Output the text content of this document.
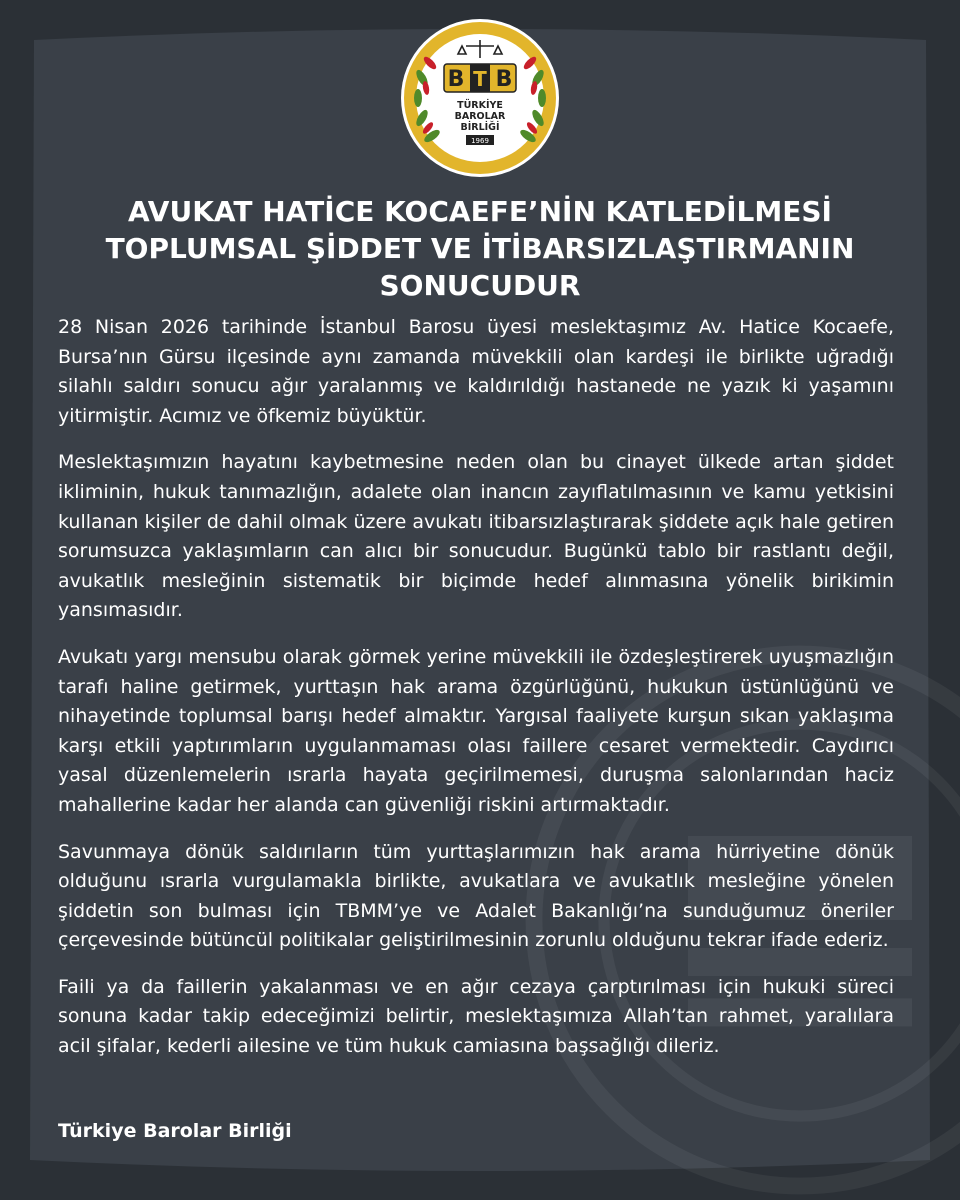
B B
T
TÜRKİYE
BAROLAR
BİRLİĞİ
1969
AVUKAT HATİCE KOCAEFE’NİN KATLEDİLMESİ
TOPLUMSAL ŞİDDET VE İTİBARSIZLAŞTIRMANIN
SONUCUDUR

28 Nisan 2026 tarihinde İstanbul Barosu üyesi meslektaşımız Av. Hatice Kocaefe, Bursa’nın Gürsu ilçesinde aynı zamanda müvekkili olan kardeşi ile birlikte uğradığı silahlı saldırı sonucu ağır yaralanmış ve kaldırıldığı hastanede ne yazık ki yaşamını yitirmiştir. Acımız ve öfkemiz büyüktür.

Meslektaşımızın hayatını kaybetmesine neden olan bu cinayet ülkede artan şiddet ikliminin, hukuk tanımazlığın, adalete olan inancın zayıflatılmasının ve kamu yetkisini kullanan kişiler de dahil olmak üzere avukatı itibarsızlaştırarak şiddete açık hale getiren sorumsuzca yaklaşımların can alıcı bir sonucudur. Bugünkü tablo bir rastlantı değil, avukatlık mesleğinin sistematik bir biçimde hedef alınmasına yönelik birikimin yansımasıdır.

Avukatı yargı mensubu olarak görmek yerine müvekkili ile özdeşleştirerek uyuşmazlığın tarafı haline getirmek, yurttaşın hak arama özgürlüğünü, hukukun üstünlüğünü ve nihayetinde toplumsal barışı hedef almaktır. Yargısal faaliyete kurşun sıkan yaklaşıma karşı etkili yaptırımların uygulanmaması olası faillere cesaret vermektedir. Caydırıcı yasal düzenlemelerin ısrarla hayata geçirilmemesi, duruşma salonlarından haciz mahallerine kadar her alanda can güvenliği riskini artırmaktadır.

Savunmaya dönük saldırıların tüm yurttaşlarımızın hak arama hürriyetine dönük olduğunu ısrarla vurgulamakla birlikte, avukatlara ve avukatlık mesleğine yönelen şiddetin son bulması için TBMM’ye ve Adalet Bakanlığı’na sunduğumuz öneriler çerçevesinde bütüncül politikalar geliştirilmesinin zorunlu olduğunu tekrar ifade ederiz.

Faili ya da faillerin yakalanması ve en ağır cezaya çarptırılması için hukuki süreci sonuna kadar takip edeceğimizi belirtir, meslektaşımıza Allah’tan rahmet, yaralılara acil şifalar, kederli ailesine ve tüm hukuk camiasına başsağlığı dileriz.

Türkiye Barolar Birliği
